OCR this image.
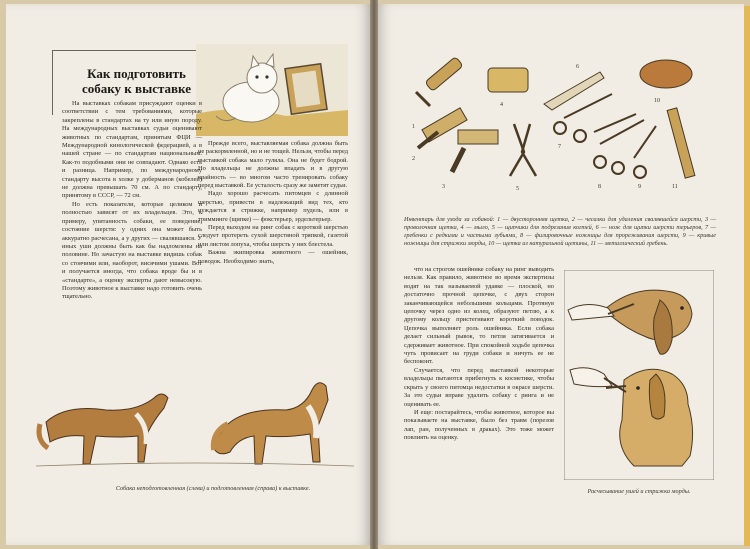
Как подготовить собаку к выставке

На выставках собакам присуждают оценки в соответствии с тем требованиями, которые закреплены в стандартах на ту или иную породу. На международных выставках судьи оценивают животных по стандартам, принятым ФЦИ — Международной кинологической федерацией, а в нашей стране — по стандартам национальным. Как-то подобными они не совпадают. Однако есть и разница. Например, по международному стандарту высота в холке у доберманов (кобелей) не должна превышать 70 см. А по стандарту, принятому в СССР, — 72 см.

Но есть показатели, которые целиком и полностью зависят от их владельцев. Это, к примеру, упитанность собаки, ее поведение, состояние шерсти: у одних она может быть аккуратно расчесана, а у других — свалявшаяся. У иных уши должны быть как бы надломлены на половине. Но зачастую на выставке видишь собак со стоячими или, наоборот, висячими ушами. Вот и получается иногда, что собака вроде бы и в «стандарте», а оценку эксперты дают невысокую. Поэтому животное к выставке надо готовить очень тщательно.

Прежде всего, выставляемая собака должна быть не раскормленной, но и не тощей. Нельзя, чтобы перед выставкой собака мало гуляла. Она не будет бодрой. Но владельцы не должны впадать и в другую крайность — во многом часто тренировать собаку перед выставкой. Ее усталость сразу же заметят судьи.

Надо хорошо расчесать питомцев с длинной шерстью, привести в надлежащий вид тех, кто нуждается в стрижке, например пудель, или в тримминге (щипке) — фокстерьер, эрдельтерьер.

Перед выходом на ринг собак с короткой шерстью следует протереть сухой шерстяной тряпкой, газетой или листом лопуха, чтобы шерсть у них блестела.

Важна экипировка животного — ошейник, поводок. Необходимо знать,

Собака неподготовленная (слева) и подготовленная (справа) к выставке.
1
2
3
4
5
6
7
8	9
10
11
Инвентарь для ухода за собакой: 1 — двусторонняя щетка, 2 — чесалки для удаления свалявшейся шерсти, 3 — проволочная щетка, 4 — мыло, 5 — щипчики для подрезания когтей, 6 — нож для щипки шерсти терьеров, 7 — гребенки с редкими и частыми зубьями, 8 — филировочные ножницы для прореживания шерсти, 9 — кривые ножницы для стрижки морды, 10 — щетка из натуральной щетины, 11 — металлический гребень.

что на строгом ошейнике собаку на ринг выводить нельзя. Как правило, животное во время экспертизы водят на так называемой удавке — плоской, но достаточно прочной цепочке, с двух сторон заканчивающейся небольшими кольцами. Протянув цепочку через одно из колец, образуют петлю, а к другому кольцу пристегивают короткий поводок. Цепочка выполняет роль ошейника. Если собака делает сильный рывок, то петля затягивается и сдерживает животное. При спокойной ходьбе цепочка чуть провисает на груди собаки и ничуть ее не беспокоит.

Случается, что перед выставкой некоторые владельцы пытаются прибегнуть к косметике, чтобы скрыть у своего питомца недостатки в окрасе шерсти. За это судьи вправе удалить собаку с ринга и не оценивать ее.

И еще: постарайтесь, чтобы животное, которое вы показываете на выставке, было без травм (порезов лап, ран, полученных в драках). Это тоже может повлиять на оценку.

Расчесывание ушей и стрижка морды.
